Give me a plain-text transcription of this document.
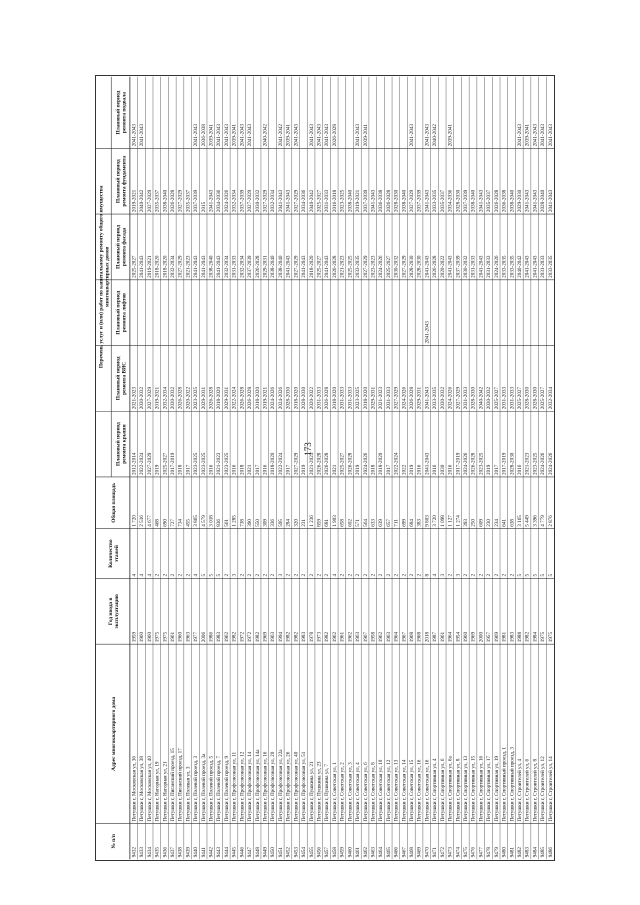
173
№ п/п
Адрес многоквартирного дома
Год ввода в эксплуатацию
Количество этажей
Общая площадь
Плановый период ремонта крыши
Плановый период ремонта ВИС
Плановый период ремонта лифтов
Плановый период ремонта фасада
Плановый период ремонта фундамента
Плановый период ремонта подвала
Перечень услуг и (или) работ по капитальному ремонту общего имущества многоквартирных домов
9432
Петушки г, Московская ул, 36
1959
4
1 720
2012-2014
2021-2023
2025-2027
2019-2021
2041-2043
9433
Петушки г, Московская ул, 38
1960
4
2 516
2022-2024
2030-2032
2041-2043
2040-2042
2041-2043
9434
Петушки г, Московская ул, 40
1960
4
4 677
2027-2029
2027-2029
2019-2021
2027-2029
9435
Петушки г, Нагорная ул, 19
1975
2
468
2019
2019-2021
2018-2020
2035-2037
9436
Петушки г, Нагорная ул, 21
1975
2
690
2025-2027
2032-2034
2018-2020
2038-2040
9437
Петушки г, Пиганский проезд, 15
1961
2
727
2017-2019
2030-2032
2032-2034
2026-2028
9438
Петушки г, Пиганский проезд, 17
1960
2
734
2018
2026-2028
2027-2029
2027-2029
9439
Петушки г, Полевая ул, 3
1963
2
455
2017
2020-2022
2021-2023
2035-2037
9440
Петушки г, Полевой проезд, 3
1977
4
3 865
2023-2025
2023-2025
2041-2043
2037-2039
2041-2043
9441
Петушки г, Полевой проезд, 3а
2006
5
4 579
2023-2025
2029-2031
2041-2043
2015
2036-2038
9442
Петушки г, Полевой проезд, 5
1986
5
3 018
2016
2026-2028
2038-2040
2041-2043
2039-2041
9443
Петушки г, Полевой проезд, 7
1983
5
836
2021-2023
2018-2020
2041-2043
2034-2036
2041-2043
9444
Петушки г, Полевой проезд, 9
1962
2
561
2023-2025
2029-2031
2032-2034
2024-2026
2041-2043
9445
Петушки г, Профсоюзная ул, 11
1982
3
1 285
2016
2022-2024
2031-2033
2032-2034
2039-2041
9446
Петушки г, Профсоюзная ул, 12
1972
2
738
2018
2026-2028
2032-2034
2037-2039
2041-2043
9447
Петушки г, Профсоюзная ул, 14
1972
2
390
2021
2026-2028
2037-2039
2027-2029
2041-2043
9448
Петушки г, Профсоюзная ул, 14а
1982
2
550
2017
2018-2020
2026-2028
2030-2032
9449
Петушки г, Профсоюзная ул, 16
1969
2
309
2016
2019-2021
2029-2031
2027-2029
2040-2042
9450
Петушки г, Профсоюзная ул, 20
1963
2
336
2018-2020
2024-2026
2038-2040
2032-2034
9451
Петушки г, Профсоюзная ул, 22а
1994
3
595
2022-2024
2024-2026
2038-2040
2041-2043
2041-2042
9452
Петушки г, Профсоюзная ул, 26
1982
2
284
2017
2028-2030
2041-2043
2041-2043
2039-2041
9453
Петушки г, Профсоюзная ул, 40
1982
2
320
2027-2029
2018-2020
2027-2029
2027-2029
2041-2043
9454
Петушки г, Профсоюзная ул, 51
1983
2
231
2019
2028-2030
2041-2043
2034-2036
9455
Петушки г, Пушкина ул, 21
1978
2
1 236
2021-2023
2020-2022
2018-2020
2040-2042
2041-2043
9456
Петушки г, Пушкина ул, 23
1973
2
859
2026-2028
2031-2033
2025-2027
2025-2027
2041-2043
9457
Петушки г, Пушкина ул, 7
1982
2
681
2026-2028
2026-2028
2041-2043
2031-2033
2041-2043
9458
Петушки г, Советская ул, 1
1962
4
1 903
2021
2018-2020
2026-2028
2016-2018
2026-2028
9459
Петушки г, Советская ул, 2
1961
2
658
2025-2027
2031-2033
2021-2023
2023-2025
9460
Петушки г, Советская ул, 3
1962
2
602
2026-2028
2031-2033
2025-2025
2038-2040
9461
Петушки г, Советская ул, 4
1963
2
571
2019
2023-2025
2033-2035
2019-2021
2041-2043
9462
Петушки г, Советская ул, 6
1967
2
564
2024-2026
2018-2020
2027-2029
2037-2039
2039-2041
9463
Петушки г, Советская ул, 8
1958
2
633
2018
2029-2031
2023-2023
2041-2043
9464
Петушки г, Советская ул, 10
1962
2
639
2018-2020
2021-2023
2024-2026
2036-2038
9465
Петушки г, Советская ул, 12
1963
2
657
2017
2031-2033
2025-2027
2026-2028
9466
Петушки г, Советская ул, 13
1964
2
711
2022-2024
2027-2029
2030-2032
2028-2030
9467
Петушки г, Советская ул, 14
1967
2
699
2022
2024-2026
2027-2029
2038-2040
9468
Петушки г, Советская ул, 15
1968
2
684
2019
2026-2028
2028-2030
2027-2029
2041-2043
9469
Петушки г, Советская ул, 16
1968
2
383
2016
2029-2031
2028-2030
2037-2039
9470
Петушки г, Советская ул, 16
2018
8
9 803
2041-2043
2041-2043
2041-2043
2041-2043
2041-2043
2041-2043
9471
Петушки г, Спортивная ул, 4
1987
4
3 720
2016
2033-2035
2026-2028
2033-2035
2040-2042
9472
Петушки г, Спортивная ул, 6
1961
3
1 098
2030
2030-2032
2020-2022
2035-2037
9473
Петушки г, Спортивная ул, 6а
1964
2
1 127
2016
2024-2026
2041-2043
2034-2036
2039-2041
9474
Петушки г, Спортивная ул, 8
1954
3
1 274
2017-2019
2027-2029
2037-2039
2028-2030
9475
Петушки г, Спортивная ул, 13
1960
2
393
2024-2026
2031-2033
2030-2032
2037-2039
9476
Петушки г, Спортивная ул, 15
1969
2
250
2026-2028
2028-2030
2031-2033
2038-2040
9477
Петушки г, Спортивная ул, 16
2000
2
609
2023-2025
2040-2042
2041-2043
2041-2043
9478
Петушки г, Спортивная ул, 17
1957
2
230
2019
2030-2032
2031-2033
2035-2037
9479
Петушки г, Спортивная ул, 19
1969
2
234
2017
2025-2027
2024-2026
2026-2028
9480
Петушки г, Спортивный проезд, 1
1981
2
641
2017-2019
2031-2033
2033-2035
2036-2038
9481
Петушки г, Спортивный проезд, 3
1983
2
638
2028-2030
2031-2033
2033-2035
2038-2040
9482
Петушки г, Строителей ул, 4
1988
5
3 165
2016
2025-2027
2040-2042
2029-2030
2041-2043
9483
Петушки г, Строителей ул, 6
1982
5
5 449
2021-2023
2028-2030
2041-2043
2041-2043
2039-2041
9484
Петушки г, Строителей ул, 8
1984
5
3 396
2023-2025
2028-2030
2041-2043
2041-2043
2041-2043
9485
Петушки г, Строителей ул, 12
1975
5
4 779
2024-2026
2025-2027
2031-2033
2028-2040
2041-2043
9486
Петушки г, Строителей ул, 14
1975
5
2 876
2024-2026
2032-2034
2033-2035
2041-2043
2041-2043
